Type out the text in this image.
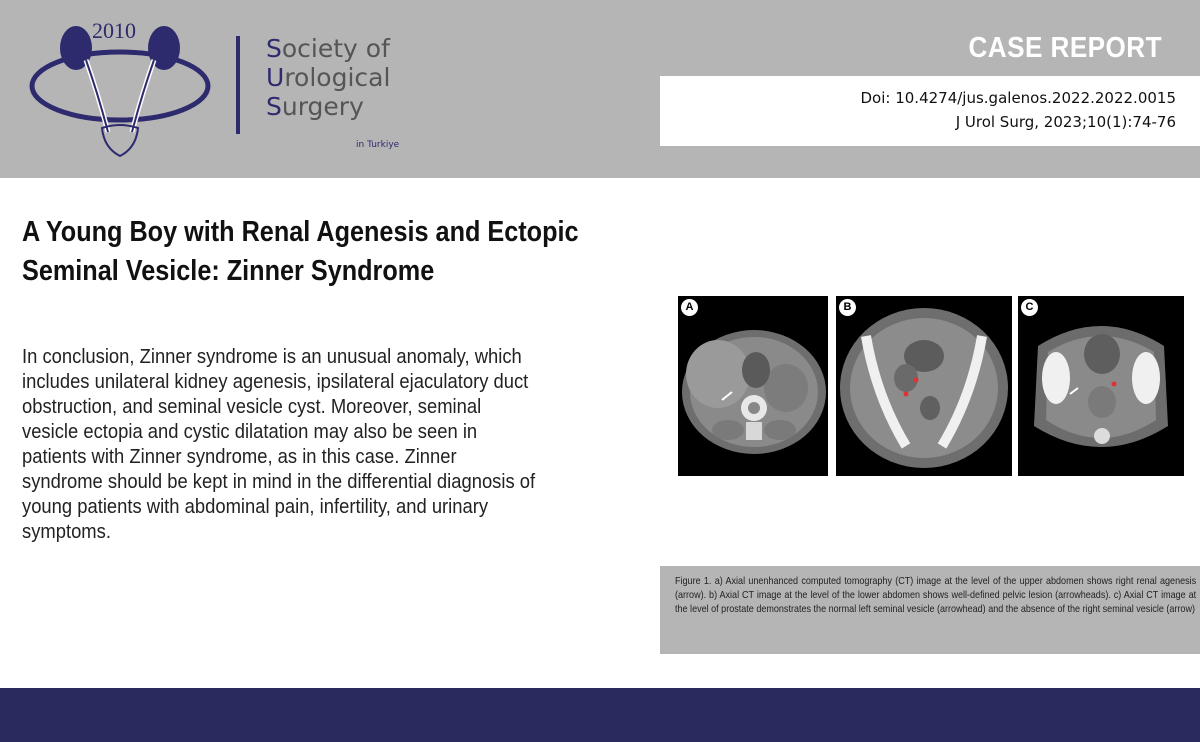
2010
Society of
Urological
Surgery
in Turkiye
CASE REPORT
Doi: 10.4274/jus.galenos.2022.2022.0015
J Urol Surg, 2023;10(1):74-76
A Young Boy with Renal Agenesis and Ectopic
Seminal Vesicle: Zinner Syndrome

In conclusion, Zinner syndrome is an unusual anomaly, which includes unilateral kidney agenesis, ipsilateral ejaculatory duct obstruction, and seminal vesicle cyst. Moreover, seminal vesicle ectopia and cystic dilatation may also be seen in patients with Zinner syndrome, as in this case. Zinner syndrome should be kept in mind in the differential diagnosis of young patients with abdominal pain, infertility, and urinary symptoms.

A	B	C

Figure 1. a) Axial unenhanced computed tomography (CT) image at the level of the upper abdomen shows right renal agenesis (arrow). b) Axial CT image at the level of the lower abdomen shows well-defined pelvic lesion (arrowheads). c) Axial CT image at the level of prostate demonstrates the normal left seminal vesicle (arrowhead) and the absence of the right seminal vesicle (arrow)
